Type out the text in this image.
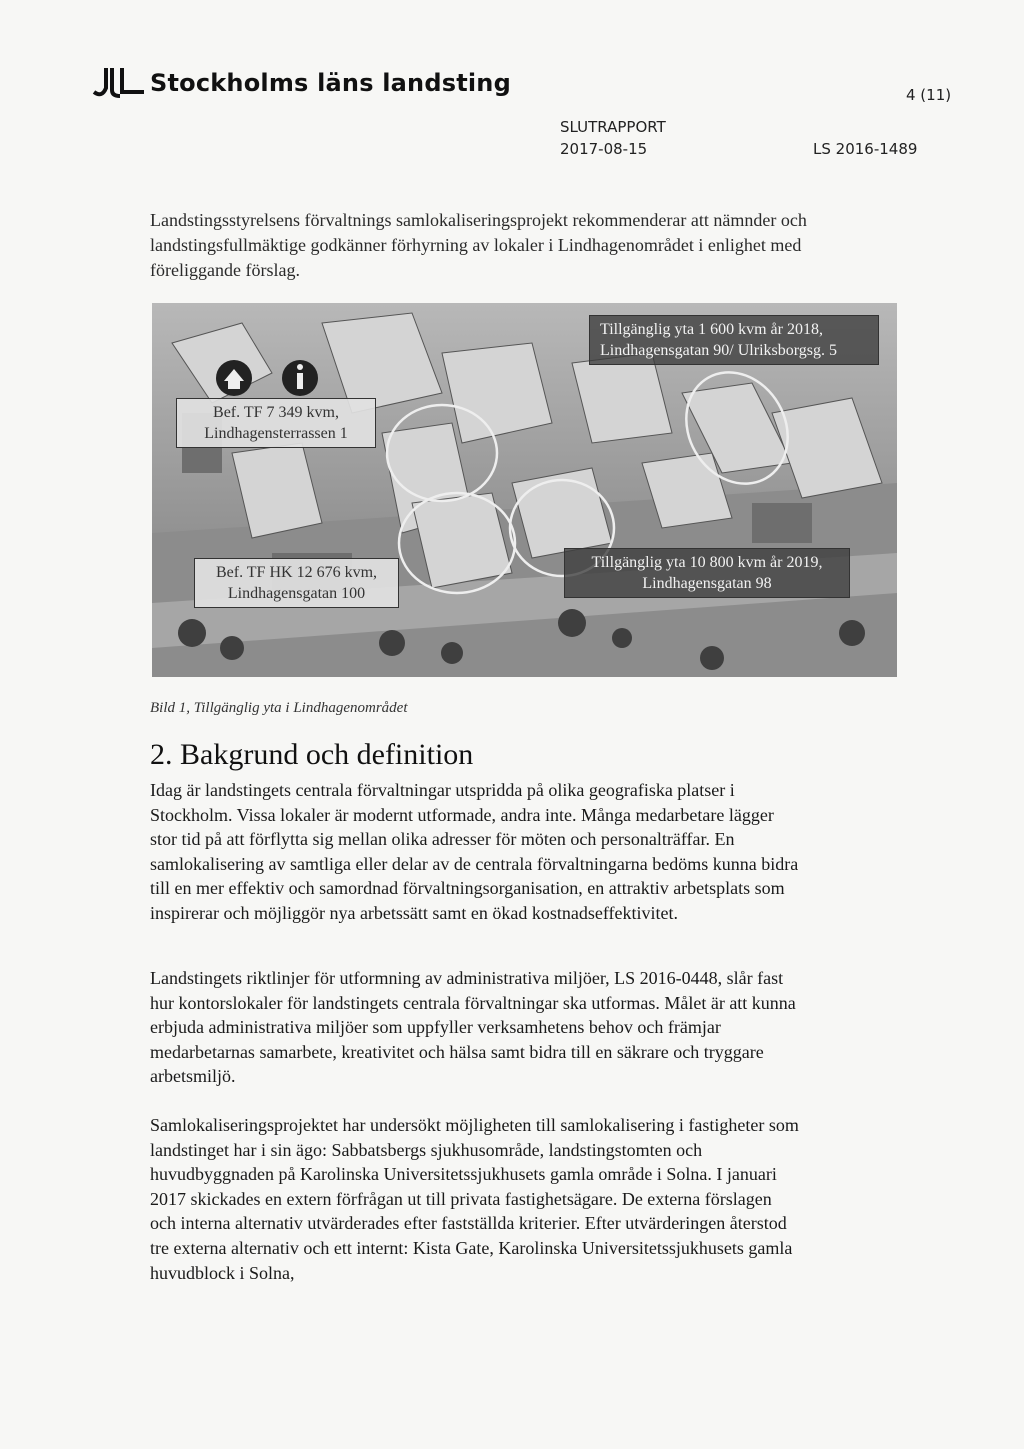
Stockholms läns landsting	4 (11)
SLUTRAPPORT
2017-08-15	LS 2016-1489

Landstingsstyrelsens förvaltnings samlokaliseringsprojekt rekommenderar att nämnder och landstingsfullmäktige godkänner förhyrning av lokaler i Lindhagenområdet i enlighet med föreliggande förslag.

Tillgänglig yta 1 600 kvm år 2018, Lindhagensgatan 90/ Ulriksborgsg. 5
Bef. TF 7 349 kvm, Lindhagensterrassen 1
Bef. TF HK 12 676 kvm, Lindhagensgatan 100
Tillgänglig yta 10 800 kvm år 2019, Lindhagensgatan 98

Bild 1, Tillgänglig yta i Lindhagenområdet

2. Bakgrund och definition

Idag är landstingets centrala förvaltningar utspridda på olika geografiska platser i Stockholm. Vissa lokaler är modernt utformade, andra inte. Många medarbetare lägger stor tid på att förflytta sig mellan olika adresser för möten och personalträffar. En samlokalisering av samtliga eller delar av de centrala förvaltningarna bedöms kunna bidra till en mer effektiv och samordnad förvaltningsorganisation, en attraktiv arbetsplats som inspirerar och möjliggör nya arbetssätt samt en ökad kostnadseffektivitet.

Landstingets riktlinjer för utformning av administrativa miljöer, LS 2016-0448, slår fast hur kontorslokaler för landstingets centrala förvaltningar ska utformas. Målet är att kunna erbjuda administrativa miljöer som uppfyller verksamhetens behov och främjar medarbetarnas samarbete, kreativitet och hälsa samt bidra till en säkrare och tryggare arbetsmiljö.

Samlokaliseringsprojektet har undersökt möjligheten till samlokalisering i fastigheter som landstinget har i sin ägo: Sabbatsbergs sjukhusområde, landstingstomten och huvudbyggnaden på Karolinska Universitetssjukhusets gamla område i Solna. I januari 2017 skickades en extern förfrågan ut till privata fastighetsägare. De externa förslagen och interna alternativ utvärderades efter fastställda kriterier. Efter utvärderingen återstod tre externa alternativ och ett internt: Kista Gate, Karolinska Universitetssjukhusets gamla huvudblock i Solna,
